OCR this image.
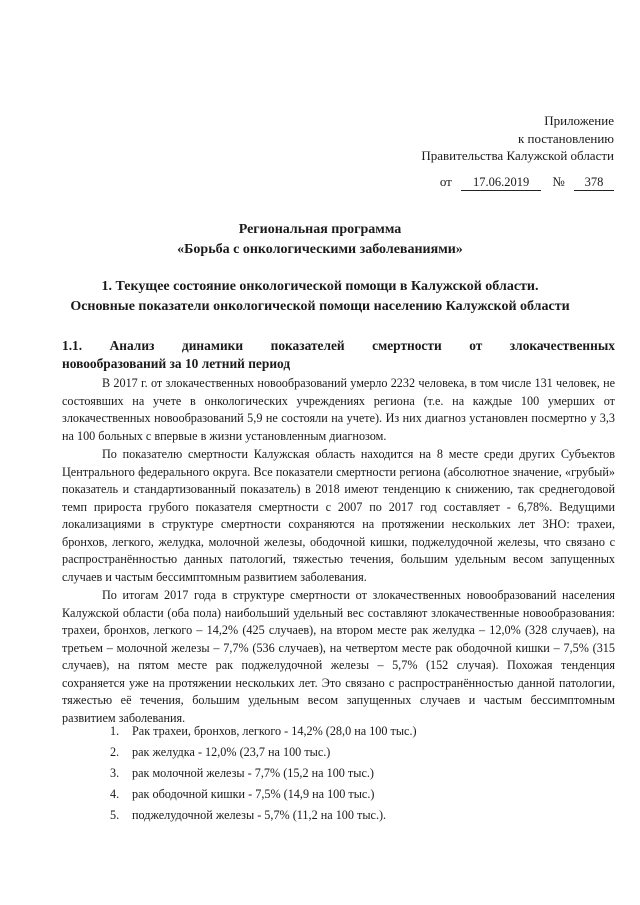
Приложение
к постановлению
Правительства Калужской области
от 17.06.2019 № 378
Региональная программа
«Борьба с онкологическими заболеваниями»
1. Текущее состояние онкологической помощи в Калужской области.
Основные показатели онкологической помощи населению Калужской области
1.1. Анализ динамики показателей смертности от злокачественных
новообразований за 10 летний период

В 2017 г. от злокачественных новообразований умерло 2232 человека, в том числе 131 человек, не состоявших на учете в онкологических учреждениях региона (т.е. на каждые 100 умерших от злокачественных новообразований 5,9 не состояли на учете). Из них диагноз установлен посмертно у 3,3 на 100 больных с впервые в жизни установленным диагнозом.

По показателю смертности Калужская область находится на 8 месте среди других Субъектов Центрального федерального округа. Все показатели смертности региона (абсолютное значение, «грубый» показатель и стандартизованный показатель) в 2018 имеют тенденцию к снижению, так среднегодовой темп прироста грубого показателя смертности с 2007 по 2017 год составляет - 6,78%. Ведущими локализациями в структуре смертности сохраняются на протяжении нескольких лет ЗНО: трахеи, бронхов, легкого, желудка, молочной железы, ободочной кишки, поджелудочной железы, что связано с распространённостью данных патологий, тяжестью течения, большим удельным весом запущенных случаев и частым бессимптомным развитием заболевания.

По итогам 2017 года в структуре смертности от злокачественных новообразований населения Калужской области (оба пола) наибольший удельный вес составляют злокачественные новообразования: трахеи, бронхов, легкого – 14,2% (425 случаев), на втором месте рак желудка – 12,0% (328 случаев), на третьем – молочной железы – 7,7% (536 случаев), на четвертом месте рак ободочной кишки – 7,5% (315 случаев), на пятом месте рак поджелудочной железы – 5,7% (152 случая). Похожая тенденция сохраняется уже на протяжении нескольких лет. Это связано с распространённостью данной патологии, тяжестью её течения, большим удельным весом запущенных случаев и частым бессимптомным развитием заболевания.

1.	Рак трахеи, бронхов, легкого - 14,2% (28,0 на 100 тыс.)
2.	рак желудка - 12,0% (23,7 на 100 тыс.)
3.	рак молочной железы - 7,7% (15,2 на 100 тыс.)
4.	рак ободочной кишки - 7,5% (14,9 на 100 тыс.)
5.	поджелудочной железы - 5,7% (11,2 на 100 тыс.).
